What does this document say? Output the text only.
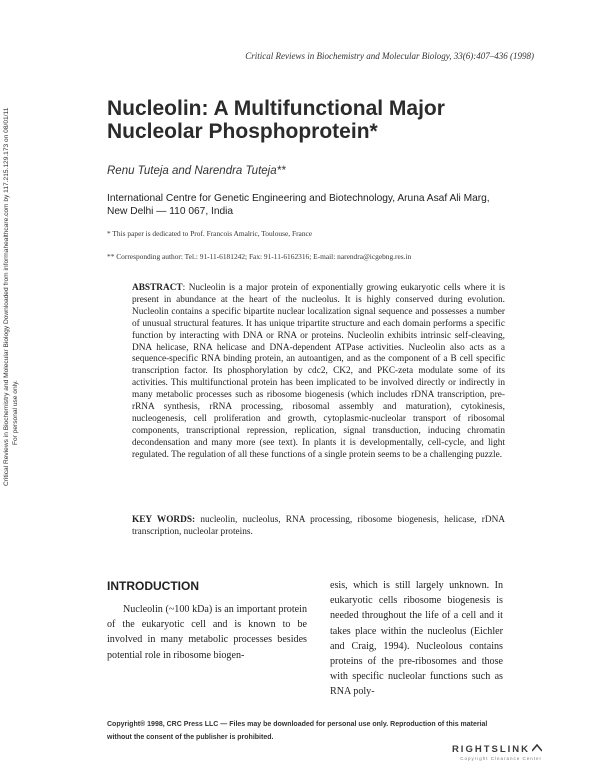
Critical Reviews in Biochemistry and Molecular Biology Downloaded from informahealthcare.com by 117.215.129.173 on 08/01/11 For personal use only.
Critical Reviews in Biochemistry and Molecular Biology, 33(6):407–436 (1998)
Nucleolin: A Multifunctional Major
Nucleolar Phosphoprotein*
Renu Tuteja and Narendra Tuteja**
International Centre for Genetic Engineering and Biotechnology, Aruna Asaf Ali Marg,
New Delhi — 110 067, India
* This paper is dedicated to Prof. Francois Amalric, Toulouse, France
** Corresponding author: Tel.: 91-11-6181242; Fax: 91-11-6162316; E-mail: narendra@icgebng.res.in
ABSTRACT: Nucleolin is a major protein of exponentially growing eukaryotic cells where it is present in abundance at the heart of the nucleolus. It is highly conserved during evolution. Nucleolin contains a specific bipartite nuclear localization signal sequence and possesses a number of unusual structural features. It has unique tripartite structure and each domain performs a specific function by interacting with DNA or RNA or proteins. Nucleolin exhibits intrinsic self-cleaving, DNA helicase, RNA helicase and DNA-dependent ATPase activities. Nucleolin also acts as a sequence-specific RNA binding protein, an autoantigen, and as the component of a B cell specific transcription factor. Its phosphorylation by cdc2, CK2, and PKC-zeta modulate some of its activities. This multifunctional protein has been implicated to be involved directly or indirectly in many metabolic processes such as ribosome biogenesis (which includes rDNA transcription, pre-rRNA synthesis, rRNA processing, ribosomal assembly and maturation), cytokinesis, nucleogenesis, cell proliferation and growth, cytoplasmic-nucleolar transport of ribosomal components, transcriptional repression, replication, signal transduction, inducing chromatin decondensation and many more (see text). In plants it is developmentally, cell-cycle, and light regulated. The regulation of all these functions of a single protein seems to be a challenging puzzle.
KEY WORDS: nucleolin, nucleolus, RNA processing, ribosome biogenesis, helicase, rDNA transcription, nucleolar proteins.
INTRODUCTION
Nucleolin (~100 kDa) is an important protein of the eukaryotic cell and is known to be involved in many metabolic processes besides potential role in ribosome biogen-
esis, which is still largely unknown. In eukaryotic cells ribosome biogenesis is needed throughout the life of a cell and it takes place within the nucleolus (Eichler and Craig, 1994). Nucleolous contains proteins of the pre-ribosomes and those with specific nucleolar functions such as RNA poly-
Copyright® 1998, CRC Press LLC — Files may be downloaded for personal use only. Reproduction of this material
without the consent of the publisher is prohibited.
RIGHTSLINK
Copyright Clearance Center
